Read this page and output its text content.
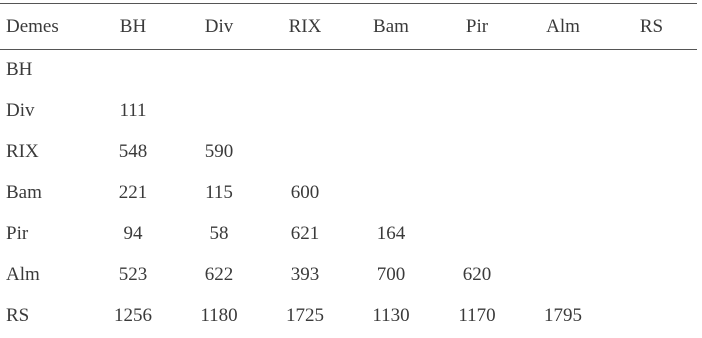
Demes	BH	Div	RIX	Bam	Pir	Alm	RS
BH							
Div	111						
RIX	548	590					
Bam	221	115	600				
Pir	94	58	621	164			
Alm	523	622	393	700	620		
RS	1256	1180	1725	1130	1170	1795	
